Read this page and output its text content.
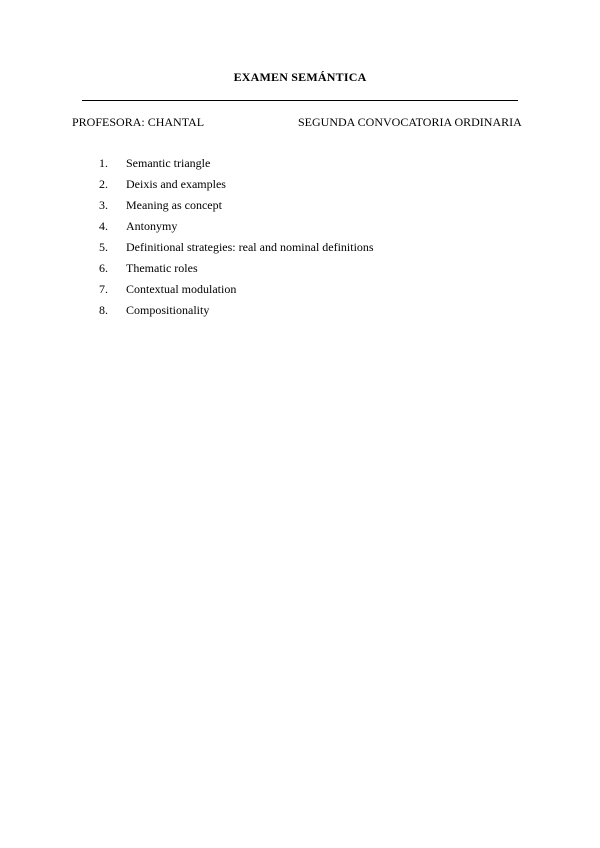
EXAMEN SEMÁNTICA
PROFESORA: CHANTAL	SEGUNDA CONVOCATORIA ORDINARIA
1. Semantic triangle
2. Deixis and examples
3. Meaning as concept
4. Antonymy
5. Definitional strategies: real and nominal definitions
6. Thematic roles
7. Contextual modulation
8. Compositionality
